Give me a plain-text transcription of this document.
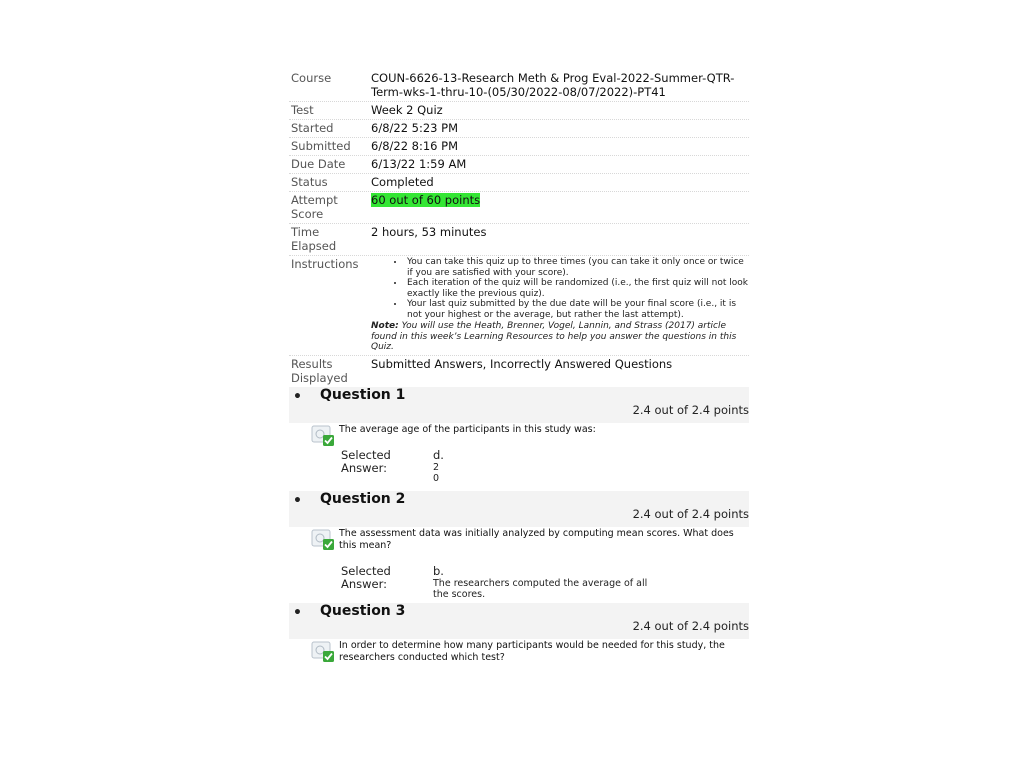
Course	COUN-6626-13-Research Meth & Prog Eval-2022-Summer-QTR-Term-wks-1-thru-10-(05/30/2022-08/07/2022)-PT41
Test	Week 2 Quiz
Started	6/8/22 5:23 PM
Submitted	6/8/22 8:16 PM
Due Date	6/13/22 1:59 AM
Status	Completed
Attempt Score
60 out of 60 points
Time Elapsed
2 hours, 53 minutes
Instructions
•	You can take this quiz up to three times (you can take it only once or twice if you are satisfied with your score).
• Each iteration of the quiz will be randomized (i.e., the first quiz will not look exactly like the previous quiz).
• Your last quiz submitted by the due date will be your final score (i.e., it is not your highest or the average, but rather the last attempt).
Note: You will use the Heath, Brenner, Vogel, Lannin, and Strass (2017) article found in this week’s Learning Resources to help you answer the questions in this Quiz.
Results Displayed
Submitted Answers, Incorrectly Answered Questions
• Question 1
2.4 out of 2.4 points
The average age of the participants in this study was:
Selected Answer:
d.
2
0
• Question 2
2.4 out of 2.4 points
The assessment data was initially analyzed by computing mean scores. What does this mean?
Selected Answer:
b.
The researchers computed the average of all
the scores.
• Question 3
2.4 out of 2.4 points
In order to determine how many participants would be needed for this study, the researchers conducted which test?
